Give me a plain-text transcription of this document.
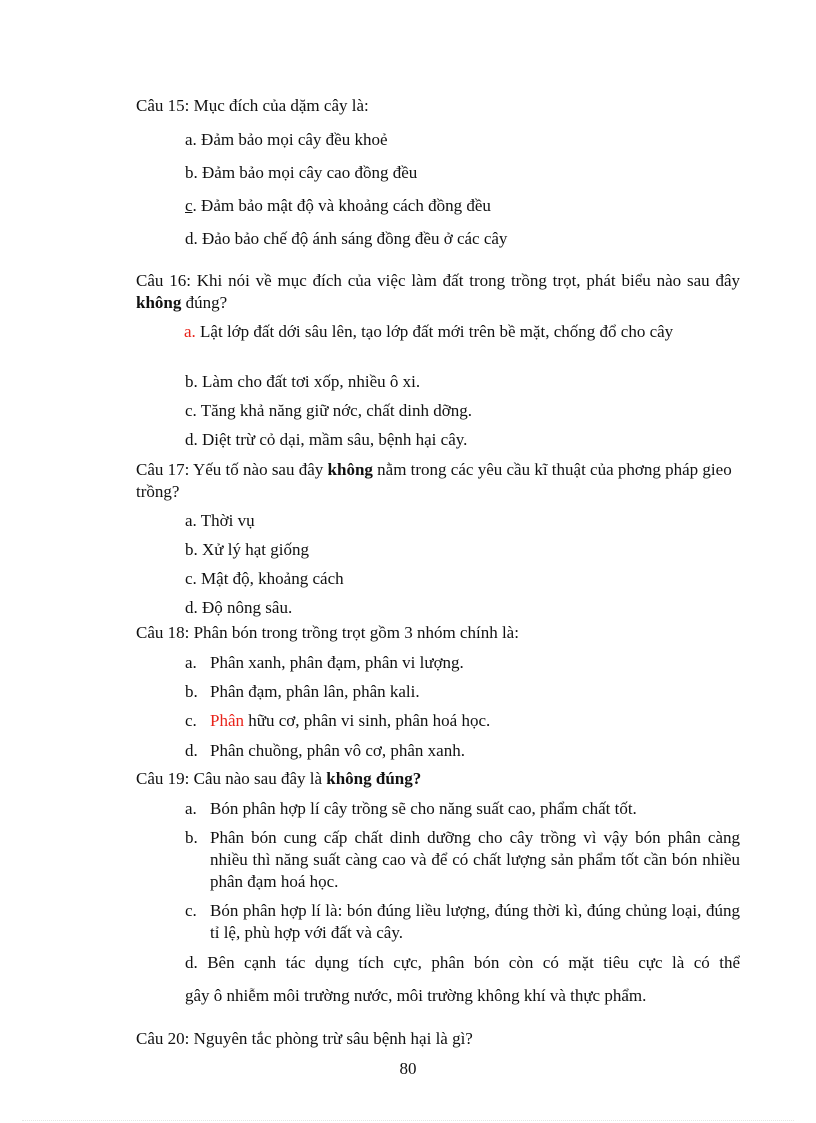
Câu 15: Mục đích của dặm cây là:
a. Đảm bảo mọi cây đều khoẻ
b. Đảm bảo mọi cây cao đồng đều
c. Đảm bảo mật độ và khoảng cách đồng đều
d. Đảo bảo chế độ ánh sáng đồng đều ở các cây
Câu 16: Khi nói về mục đích của việc làm đất trong trồng trọt, phát biểu nào sau đây không đúng?
a. Lật lớp đất dới sâu lên, tạo lớp đất mới trên bề mặt, chống đổ cho cây
b. Làm cho đất tơi xốp, nhiều ô xi.
c. Tăng khả năng giữ nớc, chất dinh dỡng.
d. Diệt trừ cỏ dại, mầm sâu, bệnh hại cây.
Câu 17: Yếu tố nào sau đây không nằm trong các yêu cầu kĩ thuật của phơng pháp gieo trồng?
a. Thời vụ
b. Xử lý hạt giống
c. Mật độ, khoảng cách
d. Độ nông sâu.
Câu 18: Phân bón trong trồng trọt gồm 3 nhóm chính là:
a. Phân xanh, phân đạm, phân vi lượng.
b. Phân đạm, phân lân, phân kali.
c. Phân hữu cơ, phân vi sinh, phân hoá học.
d. Phân chuồng, phân vô cơ, phân xanh.
Câu 19: Câu nào sau đây là không đúng?
a. Bón phân hợp lí cây trồng sẽ cho năng suất cao, phẩm chất tốt.
b. Phân bón cung cấp chất dinh dưỡng cho cây trồng vì vậy bón phân càng nhiều thì năng suất càng cao và để có chất lượng sản phẩm tốt cần bón nhiều phân đạm hoá học.
c. Bón phân hợp lí là: bón đúng liều lượng, đúng thời kì, đúng chủng loại, đúng tỉ lệ, phù hợp với đất và cây.
d. Bên cạnh tác dụng tích cực, phân bón còn có mặt tiêu cực là có thể
gây ô nhiễm môi trường nước, môi trường không khí và thực phẩm.
Câu 20: Nguyên tắc phòng trừ sâu bệnh hại là gì?
80
